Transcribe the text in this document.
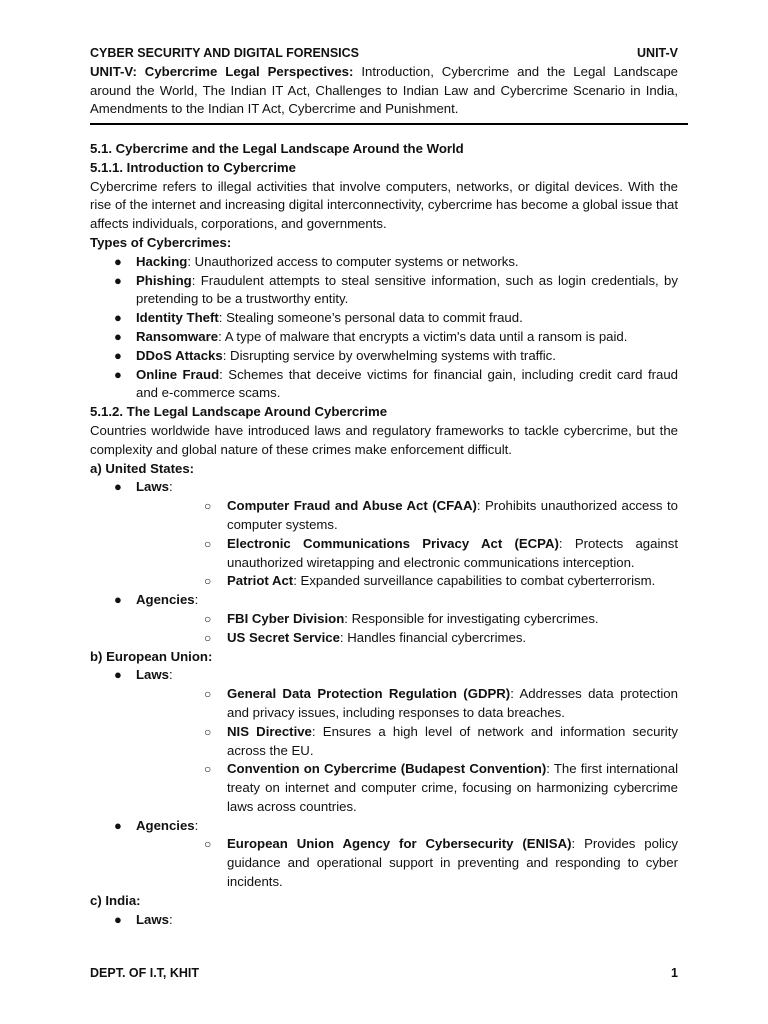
CYBER SECURITY AND DIGITAL FORENSICS	UNIT-V

UNIT-V: Cybercrime Legal Perspectives: Introduction, Cybercrime and the Legal Landscape around the World, The Indian IT Act, Challenges to Indian Law and Cybercrime Scenario in India, Amendments to the Indian IT Act, Cybercrime and Punishment.

5.1. Cybercrime and the Legal Landscape Around the World

5.1.1. Introduction to Cybercrime

Cybercrime refers to illegal activities that involve computers, networks, or digital devices. With the rise of the internet and increasing digital interconnectivity, cybercrime has become a global issue that affects individuals, corporations, and governments.

Types of Cybercrimes:

● Hacking: Unauthorized access to computer systems or networks.
● Phishing: Fraudulent attempts to steal sensitive information, such as login credentials, by pretending to be a trustworthy entity.
● Identity Theft: Stealing someone’s personal data to commit fraud.
● Ransomware: A type of malware that encrypts a victim's data until a ransom is paid.
● DDoS Attacks: Disrupting service by overwhelming systems with traffic.
● Online Fraud: Schemes that deceive victims for financial gain, including credit card fraud and e-commerce scams.

5.1.2. The Legal Landscape Around Cybercrime

Countries worldwide have introduced laws and regulatory frameworks to tackle cybercrime, but the complexity and global nature of these crimes make enforcement difficult.

a) United States:

● Laws:
○ Computer Fraud and Abuse Act (CFAA): Prohibits unauthorized access to computer systems.
○ Electronic Communications Privacy Act (ECPA): Protects against unauthorized wiretapping and electronic communications interception.
○ Patriot Act: Expanded surveillance capabilities to combat cyberterrorism.
● Agencies:
○ FBI Cyber Division: Responsible for investigating cybercrimes.
○ US Secret Service: Handles financial cybercrimes.

b) European Union:

● Laws:
○ General Data Protection Regulation (GDPR): Addresses data protection and privacy issues, including responses to data breaches.
○ NIS Directive: Ensures a high level of network and information security across the EU.
○ Convention on Cybercrime (Budapest Convention): The first international treaty on internet and computer crime, focusing on harmonizing cybercrime laws across countries.
● Agencies:
○ European Union Agency for Cybersecurity (ENISA): Provides policy guidance and operational support in preventing and responding to cyber incidents.

c) India:

● Laws:
DEPT. OF I.T, KHIT	1
